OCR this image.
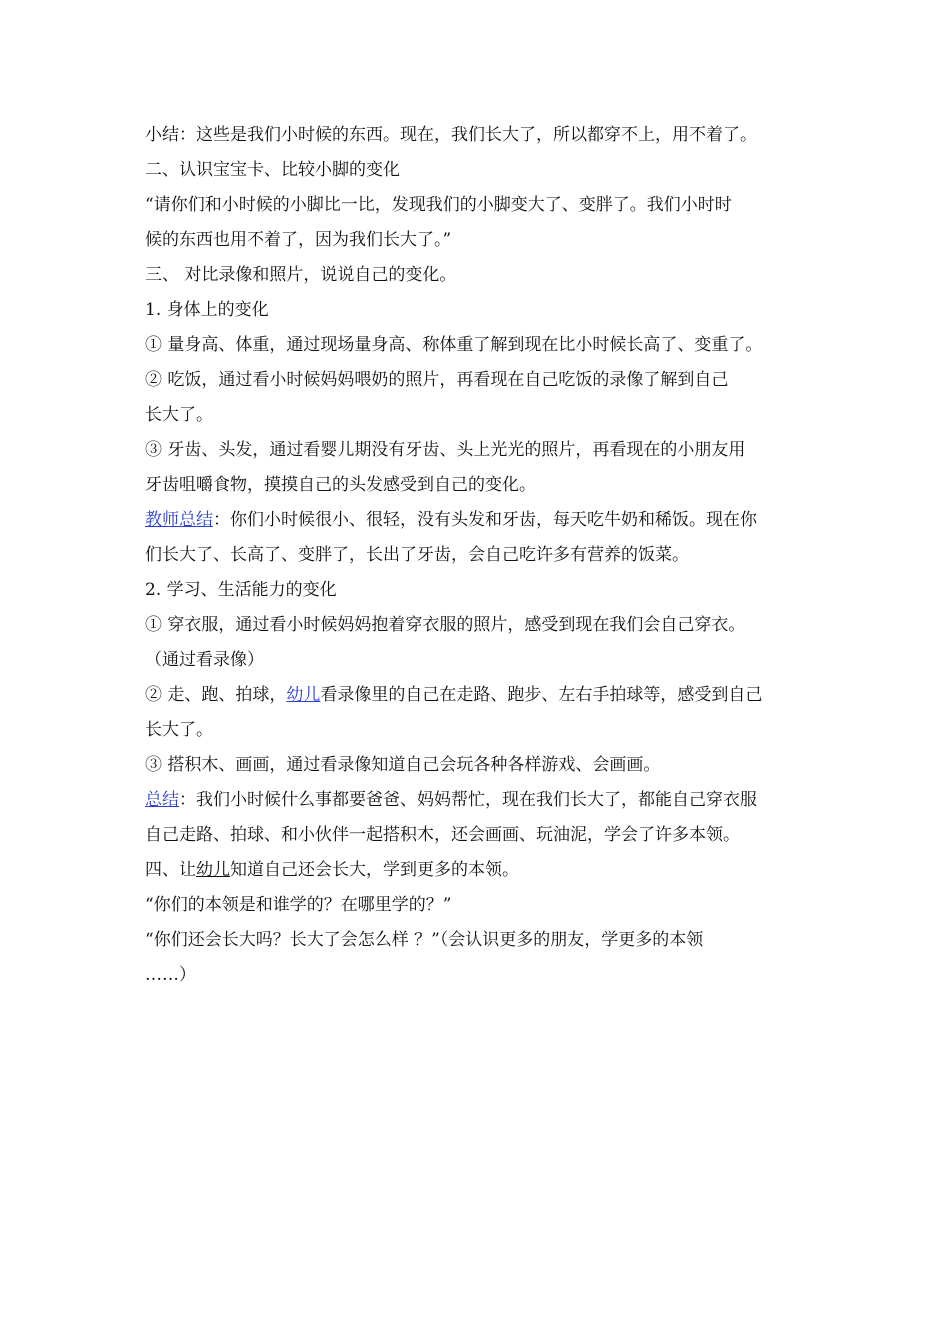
小结：这些是我们小时候的东西。现在，我们长大了，所以都穿不上，用不着了。
二、认识宝宝卡、比较小脚的变化
“请你们和小时候的小脚比一比，发现我们的小脚变大了、变胖了。我们小时时
候的东西也用不着了，因为我们长大了。”
三、 对比录像和照片，说说自己的变化。
1. 身体上的变化
① 量身高、体重，通过现场量身高、称体重了解到现在比小时候长高了、变重了。
② 吃饭，通过看小时候妈妈喂奶的照片，再看现在自己吃饭的录像了解到自己
长大了。
③ 牙齿、头发，通过看婴儿期没有牙齿、头上光光的照片，再看现在的小朋友用
牙齿咀嚼食物，摸摸自己的头发感受到自己的变化。
教师总结：你们小时候很小、很轻，没有头发和牙齿，每天吃牛奶和稀饭。现在你
们长大了、长高了、变胖了，长出了牙齿，会自己吃许多有营养的饭菜。
2. 学习、生活能力的变化
① 穿衣服，通过看小时候妈妈抱着穿衣服的照片，感受到现在我们会自己穿衣。
（通过看录像）
② 走、跑、拍球，幼儿看录像里的自己在走路、跑步、左右手拍球等，感受到自己
长大了。
③ 搭积木、画画，通过看录像知道自己会玩各种各样游戏、会画画。
总结：我们小时候什么事都要爸爸、妈妈帮忙，现在我们长大了，都能自己穿衣服
自己走路、拍球、和小伙伴一起搭积木，还会画画、玩油泥，学会了许多本领。
四、让幼儿知道自己还会长大，学到更多的本领。
“你们的本领是和谁学的？在哪里学的？”
“你们还会长大吗？长大了会怎么样 ？”（会认识更多的朋友，学更多的本领
……）
